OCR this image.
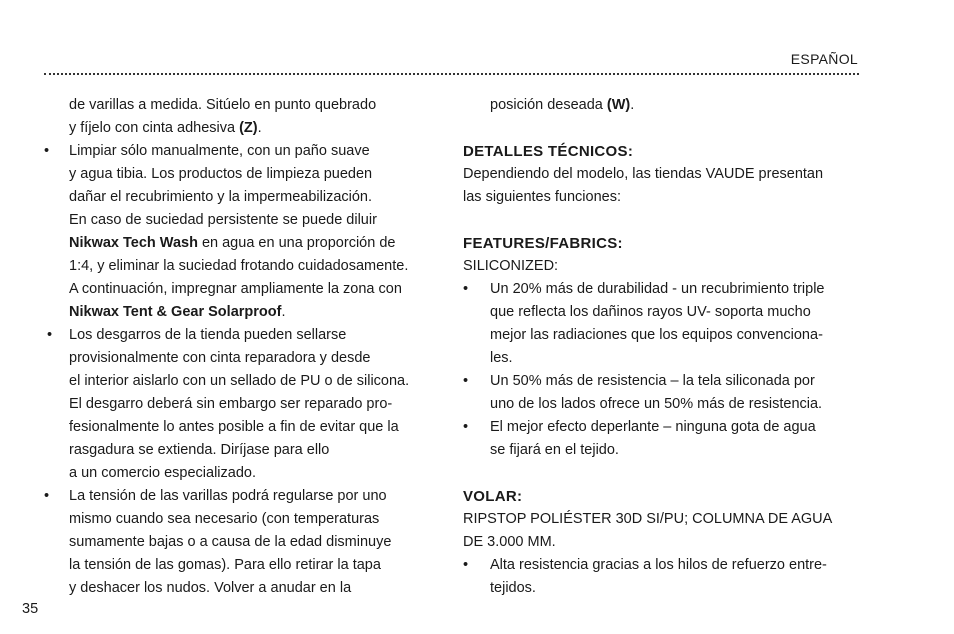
ESPAÑOL
de varillas a medida. Sitúelo en punto quebrado
y fíjelo con cinta adhesiva (Z).
• Limpiar sólo manualmente, con un paño suave
y agua tibia. Los productos de limpieza pueden
dañar el recubrimiento y la impermeabilización.
En caso de suciedad persistente se puede diluir
Nikwax Tech Wash en agua en una proporción de
1:4, y eliminar la suciedad frotando cuidadosamente.
A continuación, impregnar ampliamente la zona con
Nikwax Tent & Gear Solarproof.
• Los desgarros de la tienda pueden sellarse
provisionalmente con cinta reparadora y desde
el interior aislarlo con un sellado de PU o de silicona.
El desgarro deberá sin embargo ser reparado pro-
fesionalmente lo antes posible a fin de evitar que la
rasgadura se extienda. Diríjase para ello
a un comercio especializado.
• La tensión de las varillas podrá regularse por uno
mismo cuando sea necesario (con temperaturas
sumamente bajas o a causa de la edad disminuye
la tensión de las gomas). Para ello retirar la tapa
y deshacer los nudos. Volver a anudar en la
posición deseada (W).
DETALLES TÉCNICOS:
Dependiendo del modelo, las tiendas VAUDE presentan
las siguientes funciones:
FEATURES/FABRICS:
SILICONIZED:
• Un 20% más de durabilidad - un recubrimiento triple
que reflecta los dañinos rayos UV- soporta mucho
mejor las radiaciones que los equipos convenciona-
les.
• Un 50% más de resistencia – la tela siliconada por
uno de los lados ofrece un 50% más de resistencia.
• El mejor efecto deperlante – ninguna gota de agua
se fijará en el tejido.
VOLAR:
RIPSTOP POLIÉSTER 30D SI/PU; COLUMNA DE AGUA
DE 3.000 MM.
• Alta resistencia gracias a los hilos de refuerzo entre-
tejidos.
35
